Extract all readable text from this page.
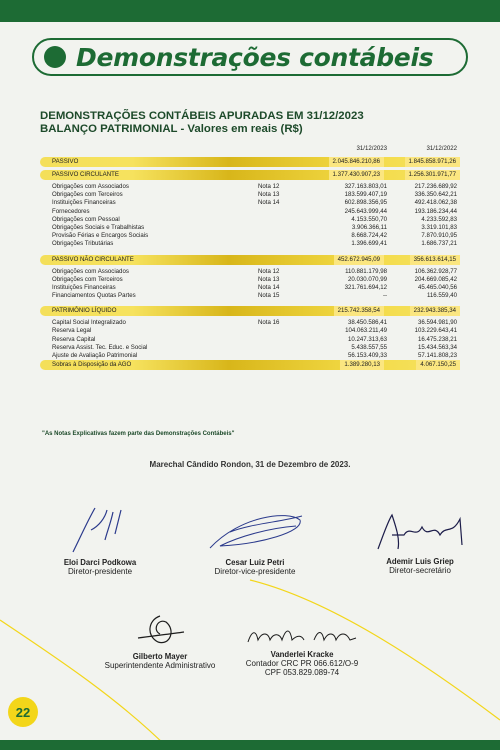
Demonstrações contábeis
DEMONSTRAÇÕES CONTÁBEIS APURADAS EM 31/12/2023
BALANÇO PATRIMONIAL - Valores em reais (R$)
31/12/2023	31/12/2022
PASSIVO	2.045.846.210,86	1.845.858.971,26
PASSIVO CIRCULANTE	1.377.430.907,23	1.256.301.971,77
Obrigações com Associados	Nota 12	327.163.803,01	217.236.689,92
Obrigações com Terceiros	Nota 13	183.599.407,19	336.350.642,21
Instituições Financeiras	Nota 14	602.898.356,95	492.418.062,38
Fornecedores	245.643.999,44	193.186.234,44
Obrigações com Pessoal	4.153.550,70	4.233.592,83
Obrigações Sociais e Trabalhistas	3.906.366,11	3.319.101,83
Provisão Férias e Encargos Sociais	8.668.724,42	7.870.910,95
Obrigações Tributárias	1.396.699,41	1.686.737,21
PASSIVO NÃO CIRCULANTE	452.672.945,09	356.613.614,15
Obrigações com Associados	Nota 12	110.881.179,98	106.362.928,77
Obrigações com Terceiros	Nota 13	20.030.070,99	204.669.085,42
Instituições Financeiras	Nota 14	321.761.694,12	45.465.040,56
Financiamentos Quotas Partes	Nota 15	--	116.559,40
PATRIMÔNIO LÍQUIDO	215.742.358,54	232.943.385,34
Capital Social Integralizado	Nota 16	38.450.586,41	36.594.981,90
Reserva Legal	104.063.211,49	103.229.643,41
Reserva Capital	10.247.313,63	16.475.238,21
Reserva Assist. Tec. Educ. e Social	5.438.557,55	15.434.563,34
Ajuste de Avaliação Patrimonial	56.153.409,33	57.141.808,23
Sobras à Disposição da AGO	1.389.280,13	4.067.150,25
"As Notas Explicativas fazem parte das Demonstrações Contábeis"
Marechal Cândido Rondon, 31 de Dezembro de 2023.
Eloi Darci Podkowa
Diretor-presidente
Cesar Luiz Petri
Diretor-vice-presidente
Ademir Luis Griep
Diretor-secretário
Gilberto Mayer
Superintendente Administrativo
Vanderlei Kracke
Contador CRC PR 066.612/O-9
CPF 053.829.089-74
22
